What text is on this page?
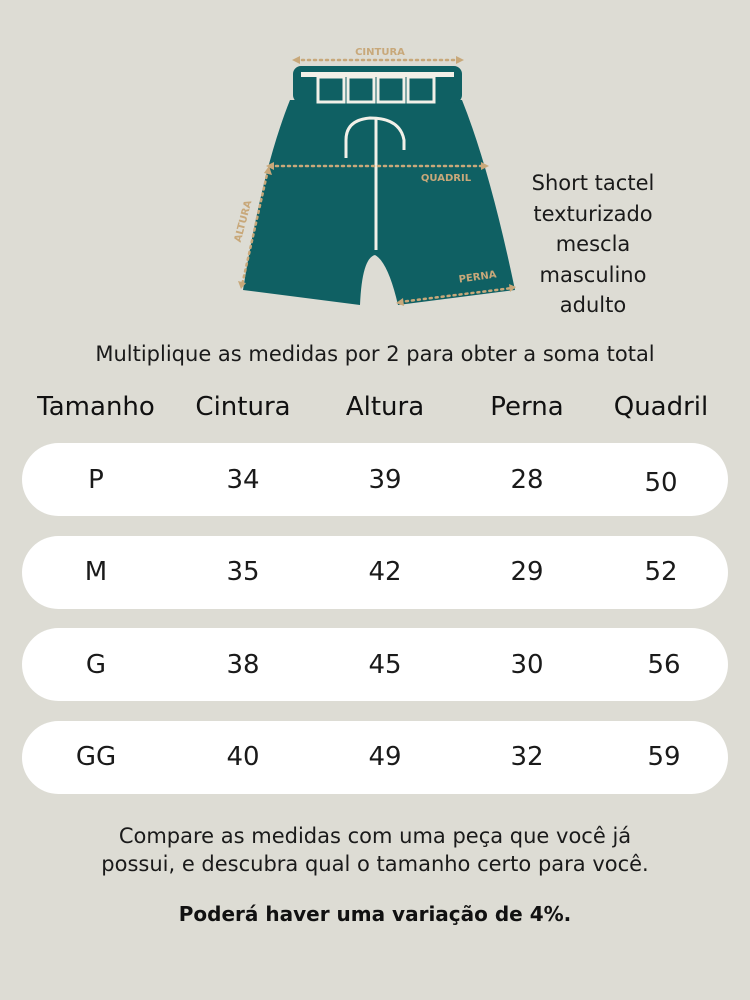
CINTURA
QUADRIL
ALTURA
PERNA
Short tactel
texturizado
mescla
masculino
adulto
Multiplique as medidas por 2 para obter a soma total
Tamanho	Cintura	Altura	Perna	Quadril
P	34	39	28	50
M	35	42	29	52
G	38	45	30	56
GG	40	49	32	59
Compare as medidas com uma peça que você já
possui, e descubra qual o tamanho certo para você.
Poderá haver uma variação de 4%.
